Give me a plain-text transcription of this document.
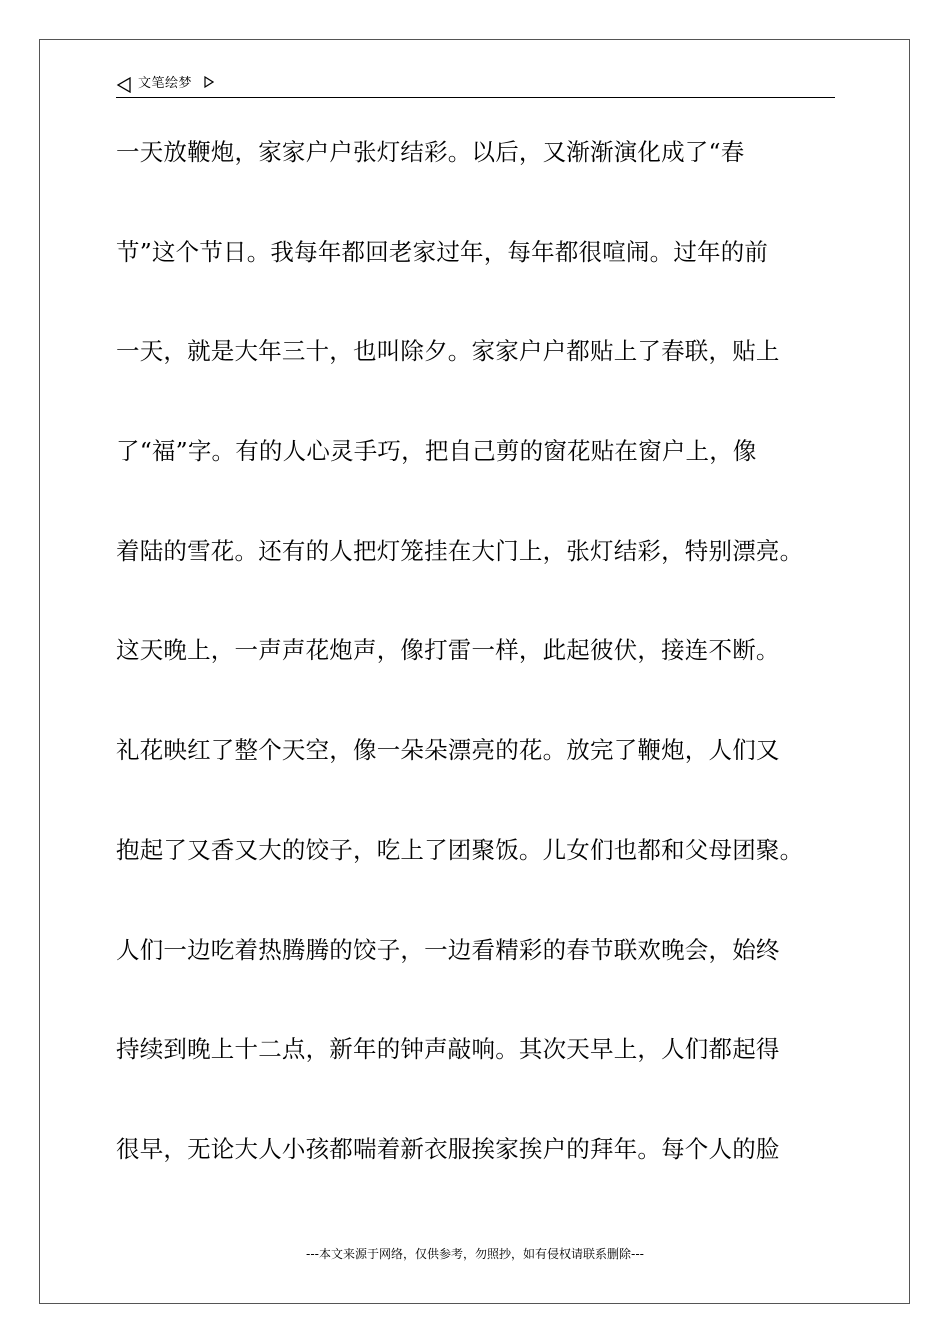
文笔绘梦
一天放鞭炮，家家户户张灯结彩。以后，又渐渐演化成了“春
节”这个节日。我每年都回老家过年，每年都很喧闹。过年的前
一天，就是大年三十，也叫除夕。家家户户都贴上了春联，贴上
了“福”字。有的人心灵手巧，把自己剪的窗花贴在窗户上，像
着陆的雪花。还有的人把灯笼挂在大门上，张灯结彩，特别漂亮。
这天晚上，一声声花炮声，像打雷一样，此起彼伏，接连不断。
礼花映红了整个天空，像一朵朵漂亮的花。放完了鞭炮，人们又
抱起了又香又大的饺子，吃上了团聚饭。儿女们也都和父母团聚。
人们一边吃着热腾腾的饺子，一边看精彩的春节联欢晚会，始终
持续到晚上十二点，新年的钟声敲响。其次天早上，人们都起得
很早，无论大人小孩都喘着新衣服挨家挨户的拜年。每个人的脸
---本文来源于网络，仅供参考，勿照抄，如有侵权请联系删除---
